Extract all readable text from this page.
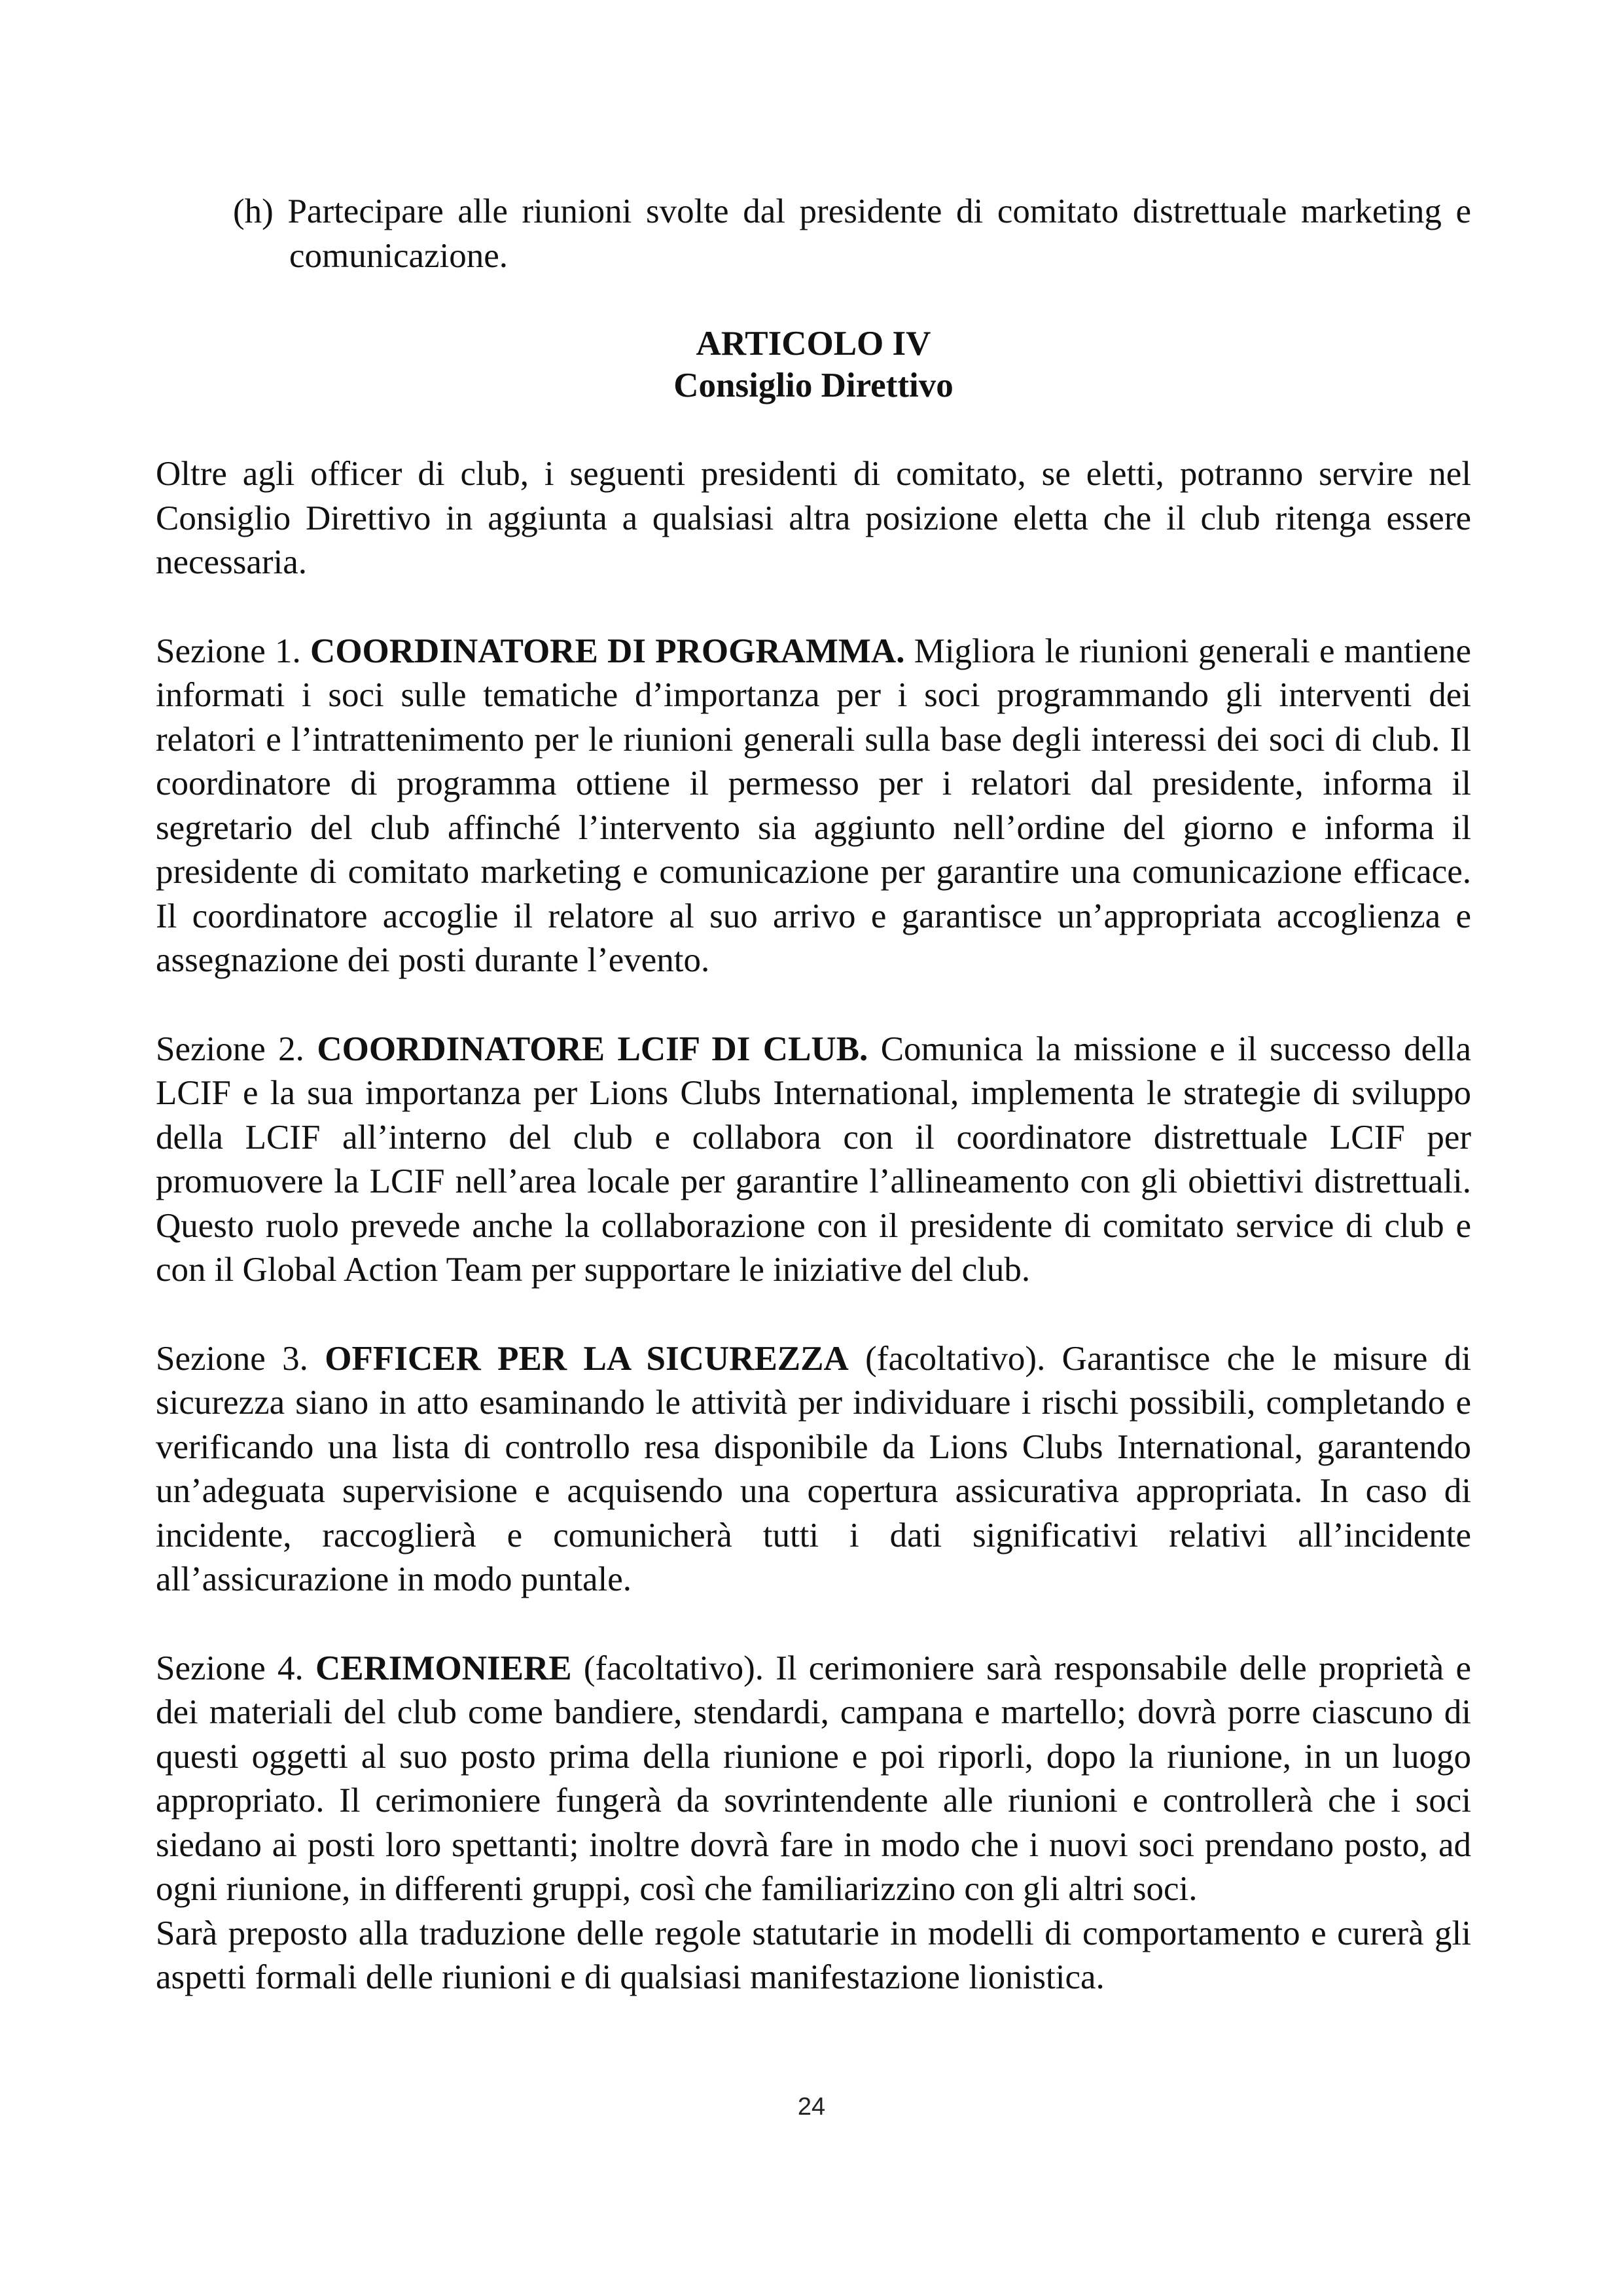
(h) Partecipare alle riunioni svolte dal presidente di comitato distrettuale marketing e comunicazione.
ARTICOLO IV
Consiglio Direttivo

Oltre agli officer di club, i seguenti presidenti di comitato, se eletti, potranno servire nel Consiglio Direttivo in aggiunta a qualsiasi altra posizione eletta che il club ritenga essere necessaria.

Sezione 1. COORDINATORE DI PROGRAMMA. Migliora le riunioni generali e mantiene informati i soci sulle tematiche d’importanza per i soci programmando gli interventi dei relatori e l’intrattenimento per le riunioni generali sulla base degli interessi dei soci di club. Il coordinatore di programma ottiene il permesso per i relatori dal presidente, informa il segretario del club affinché l’intervento sia aggiunto nell’ordine del giorno e informa il presidente di comitato marketing e comunicazione per garantire una comunicazione efficace. Il coordinatore accoglie il relatore al suo arrivo e garantisce un’appropriata accoglienza e assegnazione dei posti durante l’evento.

Sezione 2. COORDINATORE LCIF DI CLUB. Comunica la missione e il successo della LCIF e la sua importanza per Lions Clubs International, implementa le strategie di sviluppo della LCIF all’interno del club e collabora con il coordinatore distrettuale LCIF per promuovere la LCIF nell’area locale per garantire l’allineamento con gli obiettivi distrettuali. Questo ruolo prevede anche la collaborazione con il presidente di comitato service di club e con il Global Action Team per supportare le iniziative del club.

Sezione 3. OFFICER PER LA SICUREZZA (facoltativo). Garantisce che le misure di sicurezza siano in atto esaminando le attività per individuare i rischi possibili, completando e verificando una lista di controllo resa disponibile da Lions Clubs International, garantendo un’adeguata supervisione e acquisendo una copertura assicurativa appropriata. In caso di incidente, raccoglierà e comunicherà tutti i dati significativi relativi all’incidente all’assicurazione in modo puntale.

Sezione 4. CERIMONIERE (facoltativo). Il cerimoniere sarà responsabile delle proprietà e dei materiali del club come bandiere, stendardi, campana e martello; dovrà porre ciascuno di questi oggetti al suo posto prima della riunione e poi riporli, dopo la riunione, in un luogo appropriato. Il cerimoniere fungerà da sovrintendente alle riunioni e controllerà che i soci siedano ai posti loro spettanti; inoltre dovrà fare in modo che i nuovi soci prendano posto, ad ogni riunione, in differenti gruppi, così che familiarizzino con gli altri soci.

Sarà preposto alla traduzione delle regole statutarie in modelli di comportamento e curerà gli aspetti formali delle riunioni e di qualsiasi manifestazione lionistica.

24
